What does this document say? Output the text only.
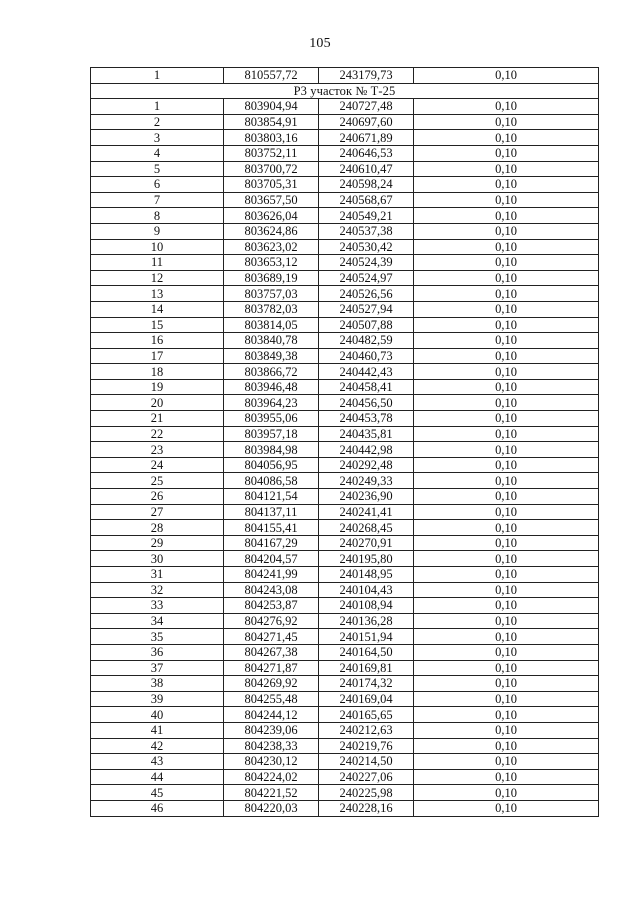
105
1	810557,72	243179,73	0,10
Р3 участок № Т-25			
1	803904,94	240727,48	0,10
2	803854,91	240697,60	0,10
3	803803,16	240671,89	0,10
4	803752,11	240646,53	0,10
5	803700,72	240610,47	0,10
6	803705,31	240598,24	0,10
7	803657,50	240568,67	0,10
8	803626,04	240549,21	0,10
9	803624,86	240537,38	0,10
10	803623,02	240530,42	0,10
11	803653,12	240524,39	0,10
12	803689,19	240524,97	0,10
13	803757,03	240526,56	0,10
14	803782,03	240527,94	0,10
15	803814,05	240507,88	0,10
16	803840,78	240482,59	0,10
17	803849,38	240460,73	0,10
18	803866,72	240442,43	0,10
19	803946,48	240458,41	0,10
20	803964,23	240456,50	0,10
21	803955,06	240453,78	0,10
22	803957,18	240435,81	0,10
23	803984,98	240442,98	0,10
24	804056,95	240292,48	0,10
25	804086,58	240249,33	0,10
26	804121,54	240236,90	0,10
27	804137,11	240241,41	0,10
28	804155,41	240268,45	0,10
29	804167,29	240270,91	0,10
30	804204,57	240195,80	0,10
31	804241,99	240148,95	0,10
32	804243,08	240104,43	0,10
33	804253,87	240108,94	0,10
34	804276,92	240136,28	0,10
35	804271,45	240151,94	0,10
36	804267,38	240164,50	0,10
37	804271,87	240169,81	0,10
38	804269,92	240174,32	0,10
39	804255,48	240169,04	0,10
40	804244,12	240165,65	0,10
41	804239,06	240212,63	0,10
42	804238,33	240219,76	0,10
43	804230,12	240214,50	0,10
44	804224,02	240227,06	0,10
45	804221,52	240225,98	0,10
46	804220,03	240228,16	0,10
